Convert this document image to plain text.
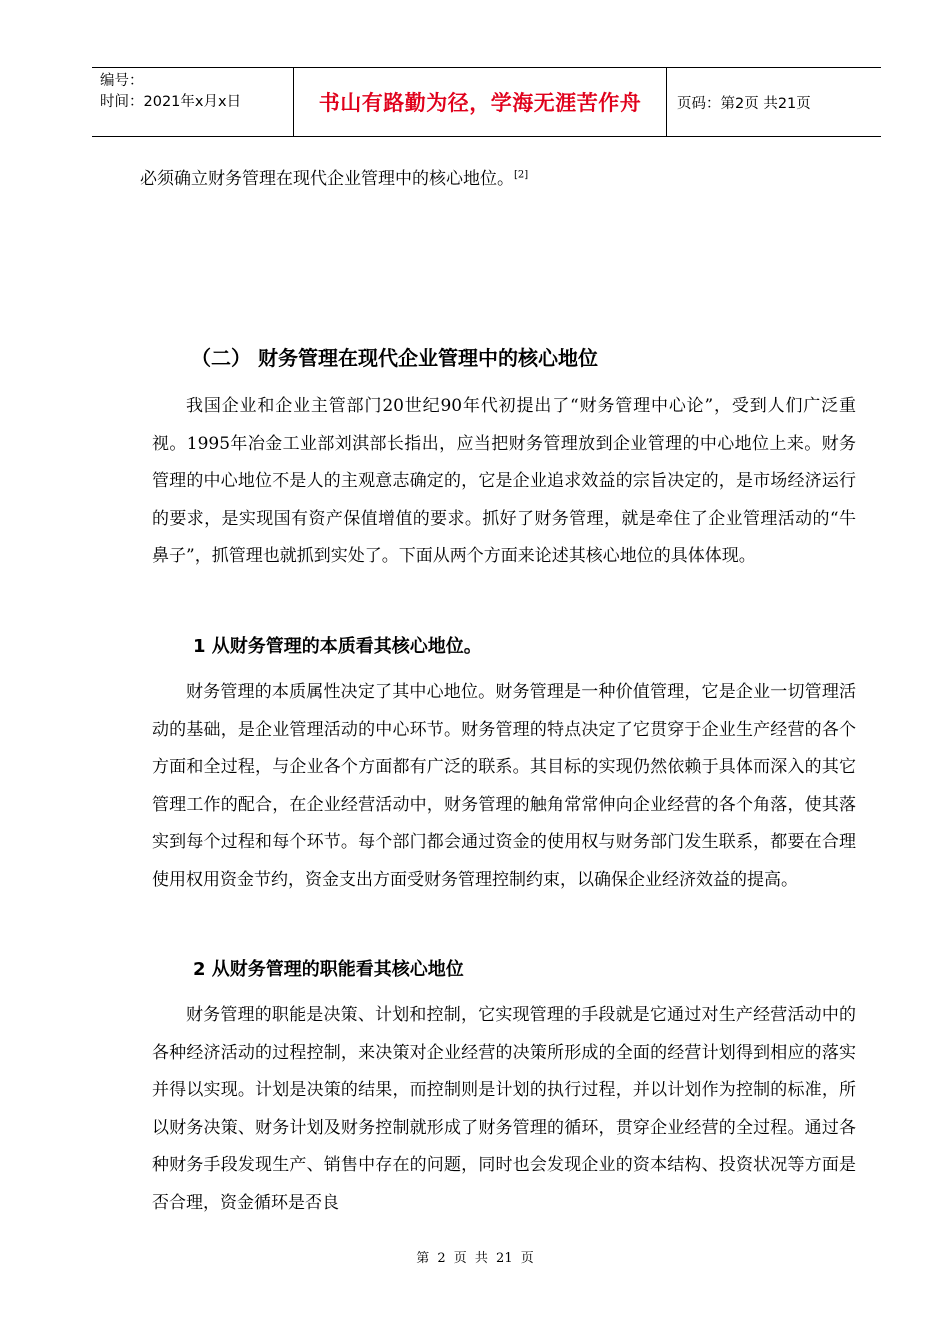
编号：
时间：2021年x月x日	书山有路勤为径，学海无涯苦作舟 页码：第2页 共21页
必须确立财务管理在现代企业管理中的核心地位。[2]
（二） 财务管理在现代企业管理中的核心地位

我国企业和企业主管部门20世纪90年代初提出了“财务管理中心论”，受到人们广泛重视。1995年冶金工业部刘淇部长指出，应当把财务管理放到企业管理的中心地位上来。财务管理的中心地位不是人的主观意志确定的，它是企业追求效益的宗旨决定的，是市场经济运行的要求，是实现国有资产保值增值的要求。抓好了财务管理，就是牵住了企业管理活动的“牛鼻子”，抓管理也就抓到实处了。下面从两个方面来论述其核心地位的具体体现。

1 从财务管理的本质看其核心地位。

财务管理的本质属性决定了其中心地位。财务管理是一种价值管理，它是企业一切管理活动的基础，是企业管理活动的中心环节。财务管理的特点决定了它贯穿于企业生产经营的各个方面和全过程，与企业各个方面都有广泛的联系。其目标的实现仍然依赖于具体而深入的其它管理工作的配合，在企业经营活动中，财务管理的触角常常伸向企业经营的各个角落，使其落实到每个过程和每个环节。每个部门都会通过资金的使用权与财务部门发生联系，都要在合理使用权用资金节约，资金支出方面受财务管理控制约束，以确保企业经济效益的提高。

2 从财务管理的职能看其核心地位

财务管理的职能是决策、计划和控制，它实现管理的手段就是它通过对生产经营活动中的各种经济活动的过程控制，来决策对企业经营的决策所形成的全面的经营计划得到相应的落实并得以实现。计划是决策的结果，而控制则是计划的执行过程，并以计划作为控制的标准，所以财务决策、财务计划及财务控制就形成了财务管理的循环，贯穿企业经营的全过程。通过各种财务手段发现生产、销售中存在的问题，同时也会发现企业的资本结构、投资状况等方面是否合理，资金循环是否良

第 2 页 共 21 页
